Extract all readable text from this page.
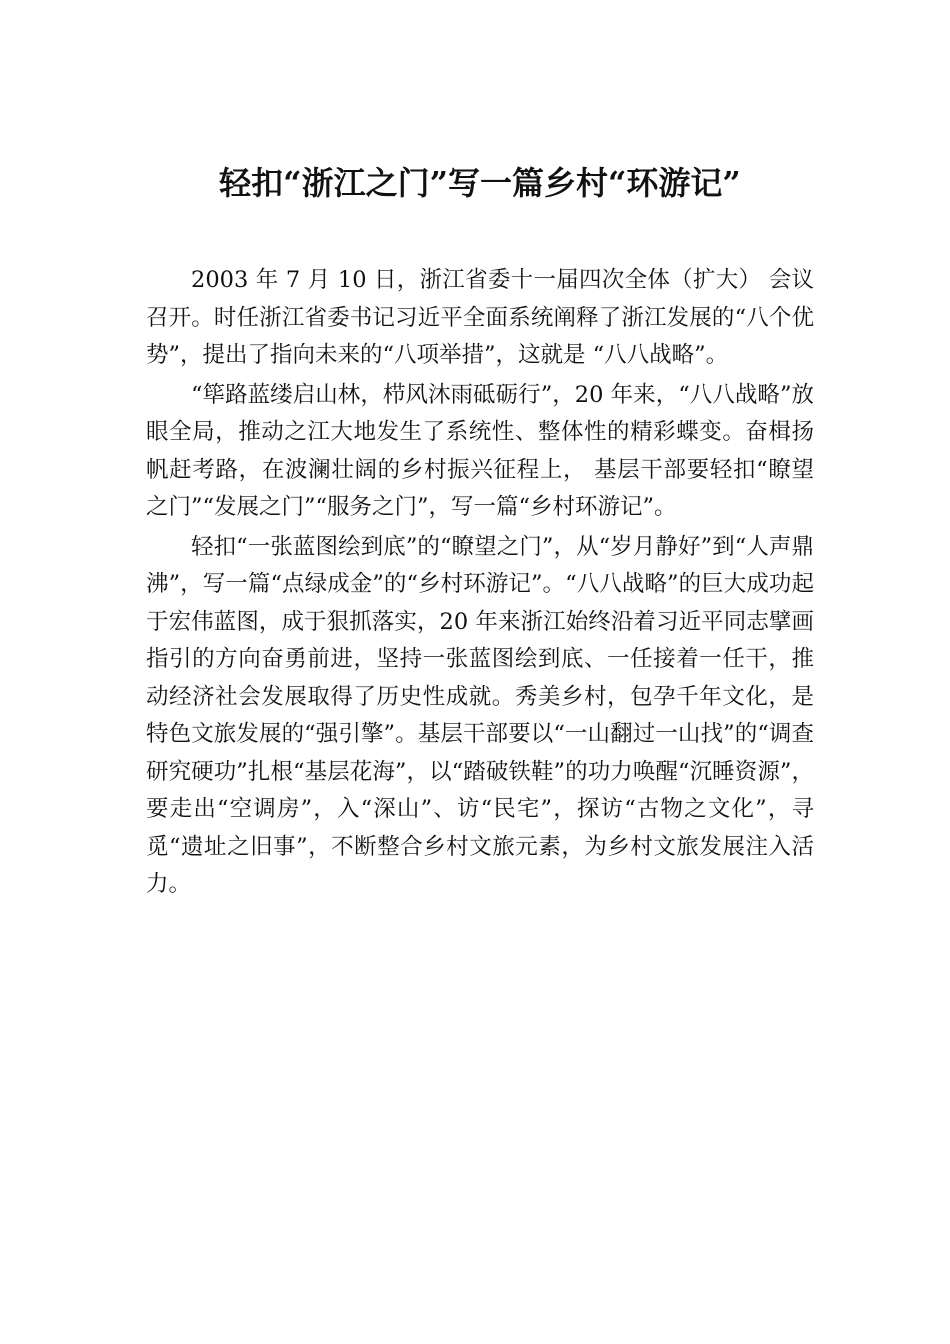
轻扣“浙江之门”写一篇乡村“环游记”

2003 年 7 月 10 日，浙江省委十一届四次全体（扩大） 会议召开。时任浙江省委书记习近平全面系统阐释了浙江发展的“八个优势”，提出了指向未来的“八项举措”，这就是 “八八战略”。

“筚路蓝缕启山林，栉风沐雨砥砺行”，20 年来，“八八战略”放眼全局，推动之江大地发生了系统性、整体性的精彩蝶变。奋楫扬帆赶考路，在波澜壮阔的乡村振兴征程上， 基层干部要轻扣“瞭望之门”“发展之门”“服务之门”，写一篇“乡村环游记”。

轻扣“一张蓝图绘到底”的“瞭望之门”，从“岁月静好”到“人声鼎沸”，写一篇“点绿成金”的“乡村环游记”。“八八战略”的巨大成功起于宏伟蓝图，成于狠抓落实，20 年来浙江始终沿着习近平同志擘画指引的方向奋勇前进，坚持一张蓝图绘到底、一任接着一任干，推动经济社会发展取得了历史性成就。秀美乡村，包孕千年文化，是特色文旅发展的“强引擎”。基层干部要以“一山翻过一山找”的“调查研究硬功”扎根“基层花海”，以“踏破铁鞋”的功力唤醒“沉睡资源”，要走出“空调房”，入“深山”、访“民宅”，探访“古物之文化”，寻觅“遗址之旧事”，不断整合乡村文旅元素，为乡村文旅发展注入活力。
